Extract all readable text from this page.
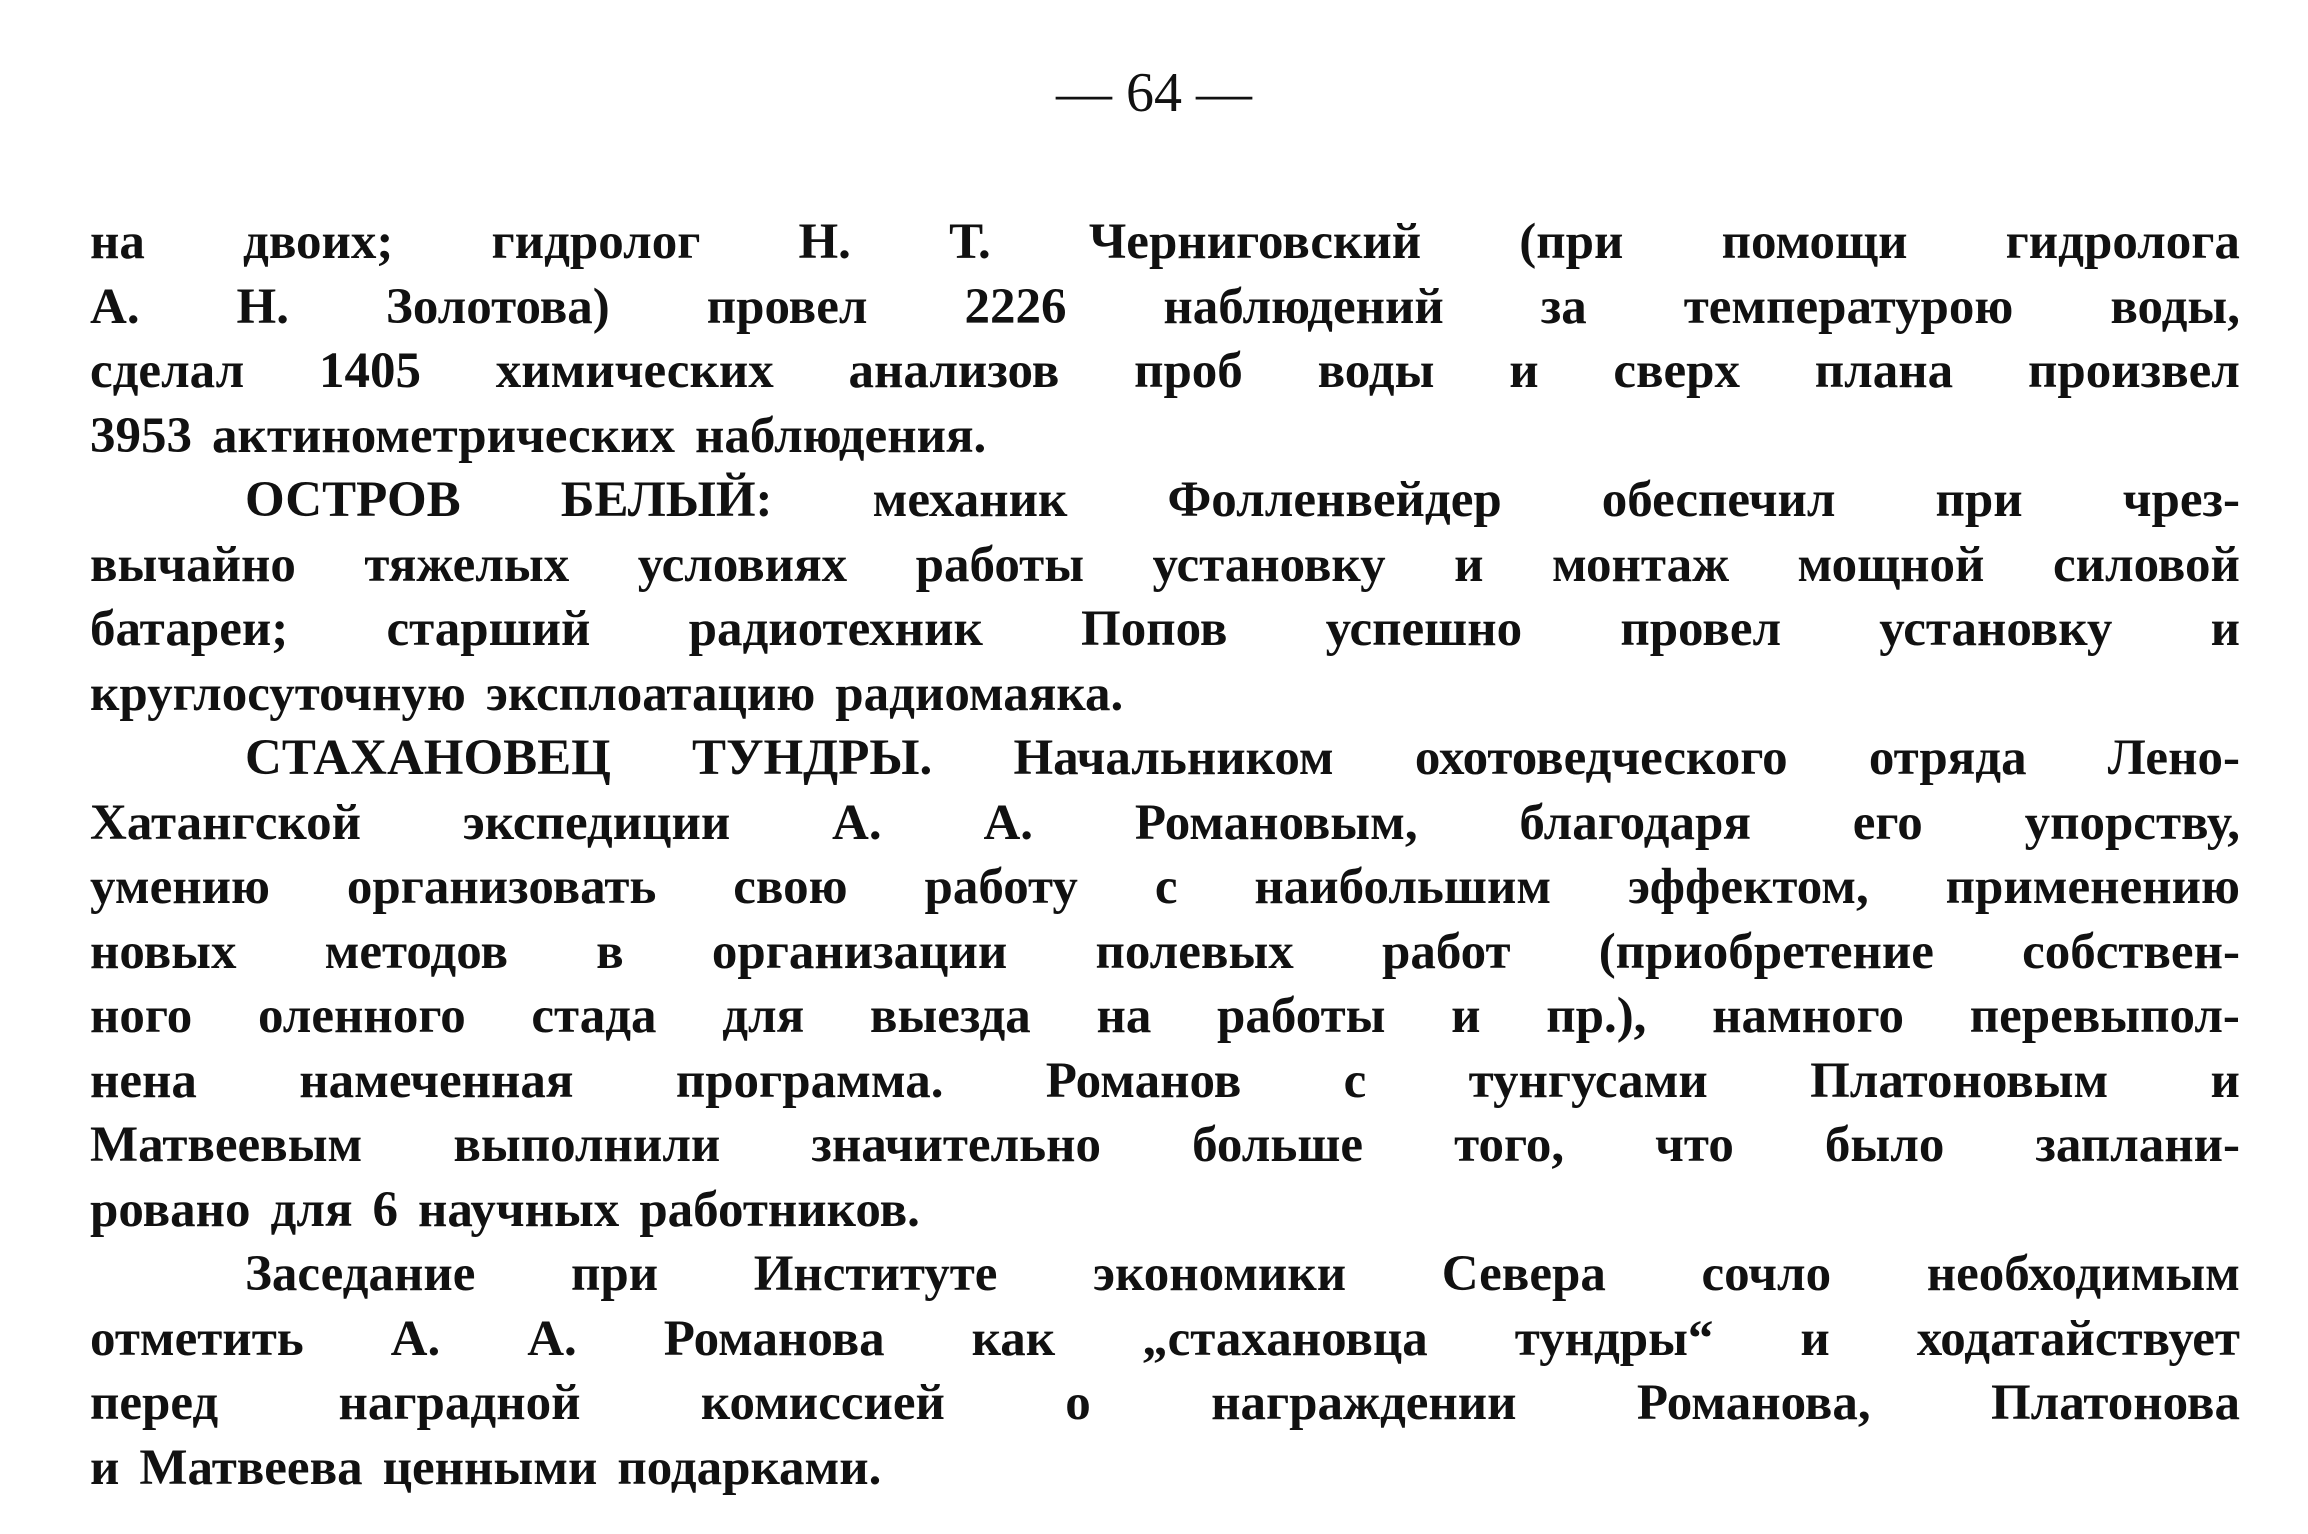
— 64 —
на двоих; гидролог Н. Т. Черниговский (при помощи гидролога
А. Н. Золотова) провел 2226 наблюдений за температурою воды,
сделал 1405 химических анализов проб воды и сверх плана произвел
3953 актинометрических наблюдения.
ОСТРОВ БЕЛЫЙ: механик Фолленвейдер обеспечил при чрез-
вычайно тяжелых условиях работы установку и монтаж мощной силовой
батареи; старший радиотехник Попов успешно провел установку и
круглосуточную эксплоатацию радиомаяка.
СТАХАНОВЕЦ ТУНДРЫ. Начальником охотоведческого отряда Лено-
Хатангской экспедиции А. А. Романовым, благодаря его упорству,
умению организовать свою работу с наибольшим эффектом, применению
новых методов в организации полевых работ (приобретение собствен-
ного оленного стада для выезда на работы и пр.), намного перевыпол-
нена намеченная программа. Романов с тунгусами Платоновым и
Матвеевым выполнили значительно больше того, что было заплани-
ровано для 6 научных работников.
Заседание при Институте экономики Севера сочло необходимым
отметить А. А. Романова как „стахановца тундры“ и ходатайствует
перед наградной комиссией о награждении Романова, Платонова
и Матвеева ценными подарками.
